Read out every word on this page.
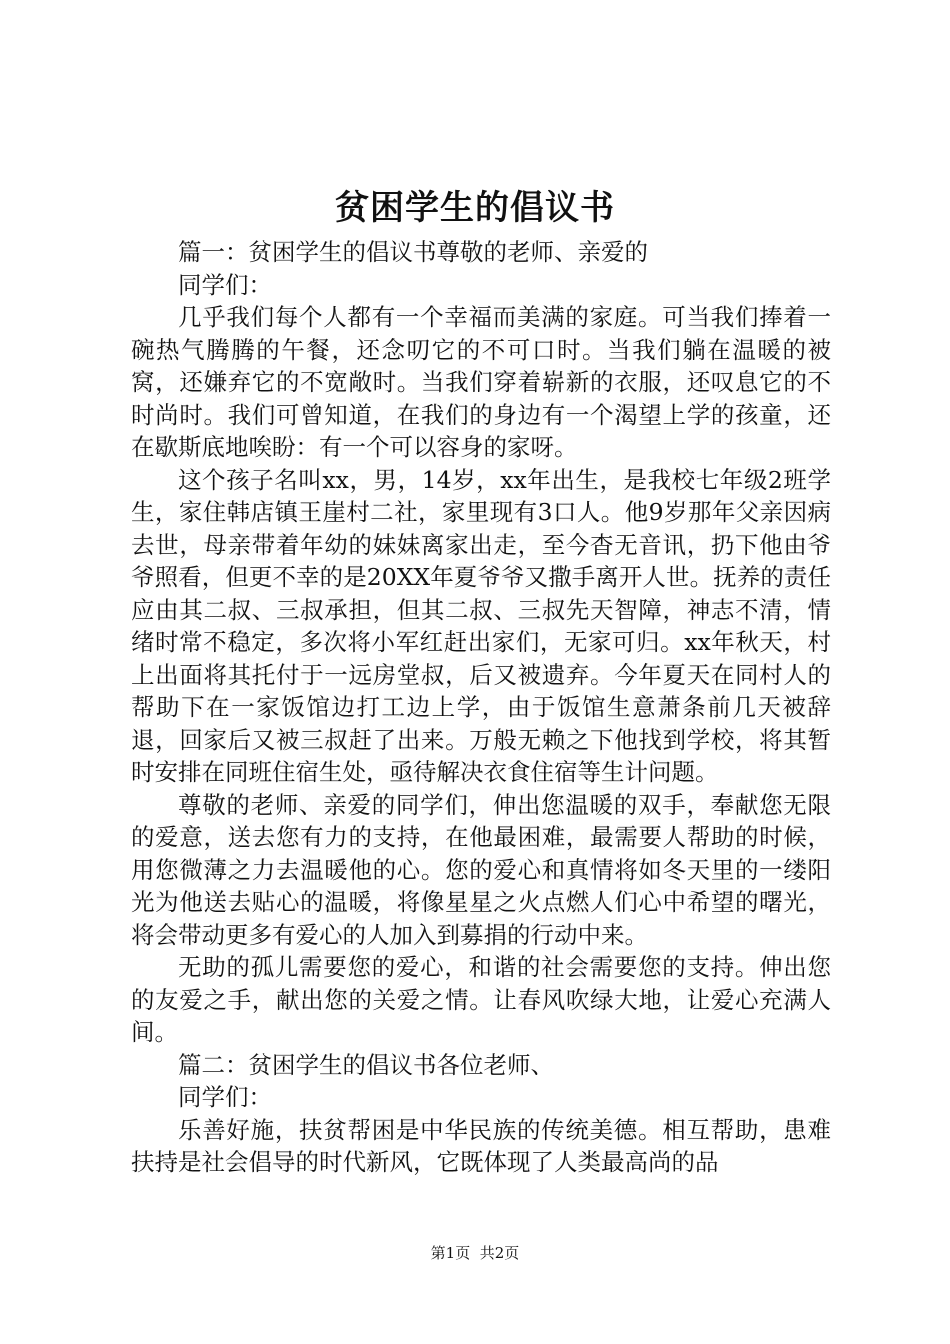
贫困学生的倡议书

篇一：贫困学生的倡议书尊敬的老师、亲爱的

同学们：

几乎我们每个人都有一个幸福而美满的家庭。可当我们捧着一碗热气腾腾的午餐，还念叨它的不可口时。当我们躺在温暖的被窝，还嫌弃它的不宽敞时。当我们穿着崭新的衣服，还叹息它的不时尚时。我们可曾知道，在我们的身边有一个渴望上学的孩童，还在歇斯底地唉盼：有一个可以容身的家呀。

这个孩子名叫xx，男，14岁，xx年出生，是我校七年级2班学生，家住韩店镇王崖村二社，家里现有3口人。他9岁那年父亲因病去世，母亲带着年幼的妹妹离家出走，至今杳无音讯，扔下他由爷爷照看，但更不幸的是20XX年夏爷爷又撒手离开人世。抚养的责任应由其二叔、三叔承担，但其二叔、三叔先天智障，神志不清，情绪时常不稳定，多次将小军红赶出家们，无家可归。xx年秋天，村上出面将其托付于一远房堂叔，后又被遗弃。今年夏天在同村人的帮助下在一家饭馆边打工边上学，由于饭馆生意萧条前几天被辞退，回家后又被三叔赶了出来。万般无赖之下他找到学校，将其暂时安排在同班住宿生处，亟待解决衣食住宿等生计问题。

尊敬的老师、亲爱的同学们，伸出您温暖的双手，奉献您无限的爱意，送去您有力的支持，在他最困难，最需要人帮助的时候，用您微薄之力去温暖他的心。您的爱心和真情将如冬天里的一缕阳光为他送去贴心的温暖，将像星星之火点燃人们心中希望的曙光，将会带动更多有爱心的人加入到募捐的行动中来。

无助的孤儿需要您的爱心，和谐的社会需要您的支持。伸出您的友爱之手，献出您的关爱之情。让春风吹绿大地，让爱心充满人间。

篇二：贫困学生的倡议书各位老师、

同学们：

乐善好施，扶贫帮困是中华民族的传统美德。相互帮助，患难扶持是社会倡导的时代新风，它既体现了人类最高尚的品

第1页 共2页
